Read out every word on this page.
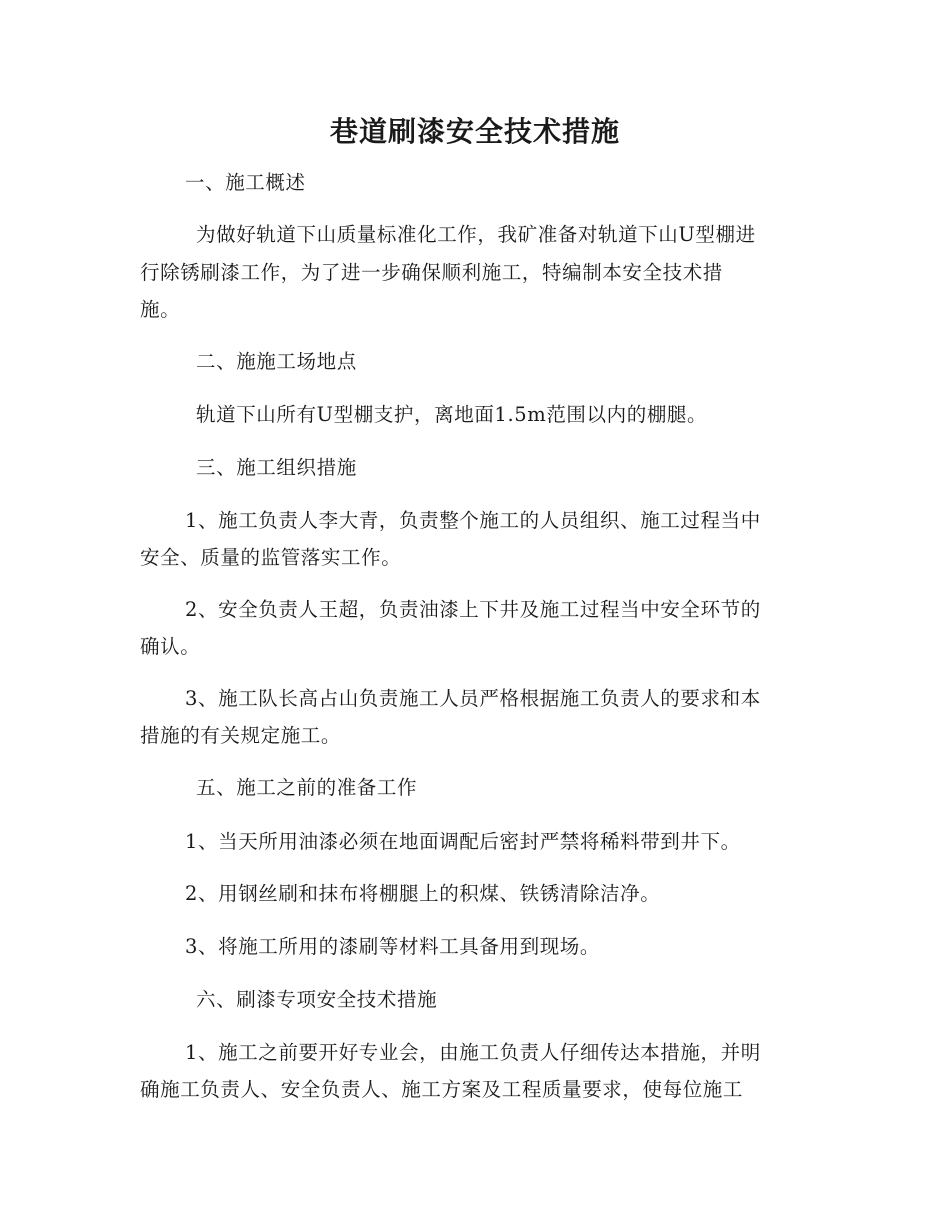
巷道刷漆安全技术措施

一、施工概述

为做好轨道下山质量标准化工作，我矿准备对轨道下山U型棚进

行除锈刷漆工作，为了进一步确保顺利施工，特编制本安全技术措

施。

二、施施工场地点

轨道下山所有U型棚支护，离地面1.5m范围以内的棚腿。

三、施工组织措施

1、施工负责人李大青，负责整个施工的人员组织、施工过程当中

安全、质量的监管落实工作。

2、安全负责人王超，负责油漆上下井及施工过程当中安全环节的

确认。

3、施工队长高占山负责施工人员严格根据施工负责人的要求和本

措施的有关规定施工。

五、施工之前的准备工作

1、当天所用油漆必须在地面调配后密封严禁将稀料带到井下。

2、用钢丝刷和抹布将棚腿上的积煤、铁锈清除洁净。

3、将施工所用的漆刷等材料工具备用到现场。

六、刷漆专项安全技术措施

1、施工之前要开好专业会，由施工负责人仔细传达本措施，并明

确施工负责人、安全负责人、施工方案及工程质量要求，使每位施工
